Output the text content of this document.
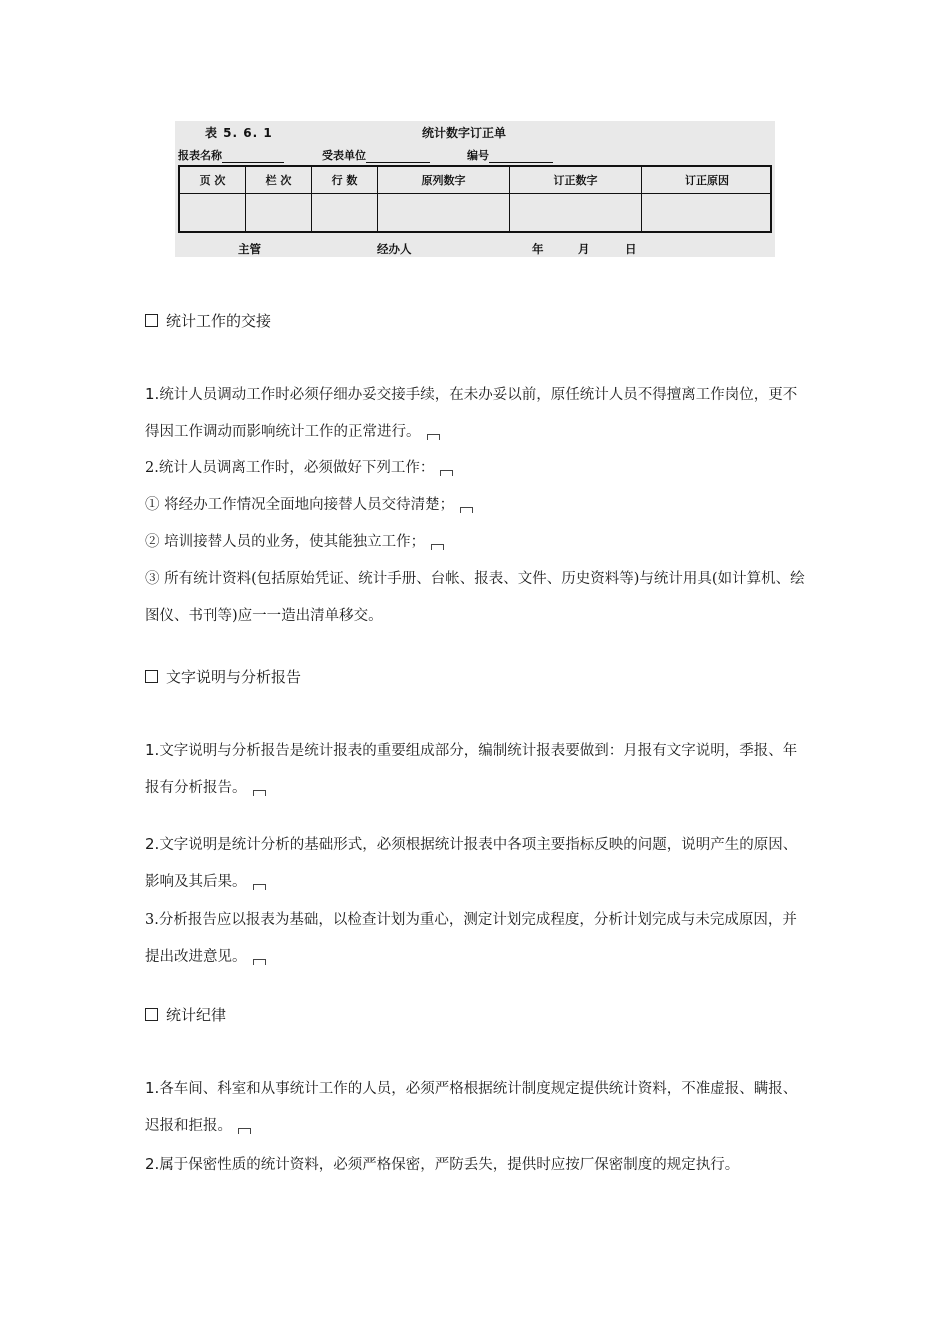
表 5. 6. 1	统计数字订正单
报表名称	受表单位	编号
页 次	栏 次	行 数	原列数字	订正数字	订正原因
主管	经办人	年	月	日
统计工作的交接
1.统计人员调动工作时必须仔细办妥交接手续，在未办妥以前，原任统计人员不得擅离工作岗位，更不得因工作调动而影响统计工作的正常进行。
2.统计人员调离工作时，必须做好下列工作：
① 将经办工作情况全面地向接替人员交待清楚；
② 培训接替人员的业务，使其能独立工作；
③ 所有统计资料(包括原始凭证、统计手册、台帐、报表、文件、历史资料等)与统计用具(如计算机、绘图仪、书刊等)应一一造出清单移交。
文字说明与分析报告
1.文字说明与分析报告是统计报表的重要组成部分，编制统计报表要做到：月报有文字说明，季报、年报有分析报告。
2.文字说明是统计分析的基础形式，必须根据统计报表中各项主要指标反映的问题，说明产生的原因、影响及其后果。
3.分析报告应以报表为基础，以检查计划为重心，测定计划完成程度，分析计划完成与未完成原因，并提出改进意见。
统计纪律
1.各车间、科室和从事统计工作的人员，必须严格根据统计制度规定提供统计资料，不准虚报、瞒报、迟报和拒报。
2.属于保密性质的统计资料，必须严格保密，严防丢失，提供时应按厂保密制度的规定执行。
